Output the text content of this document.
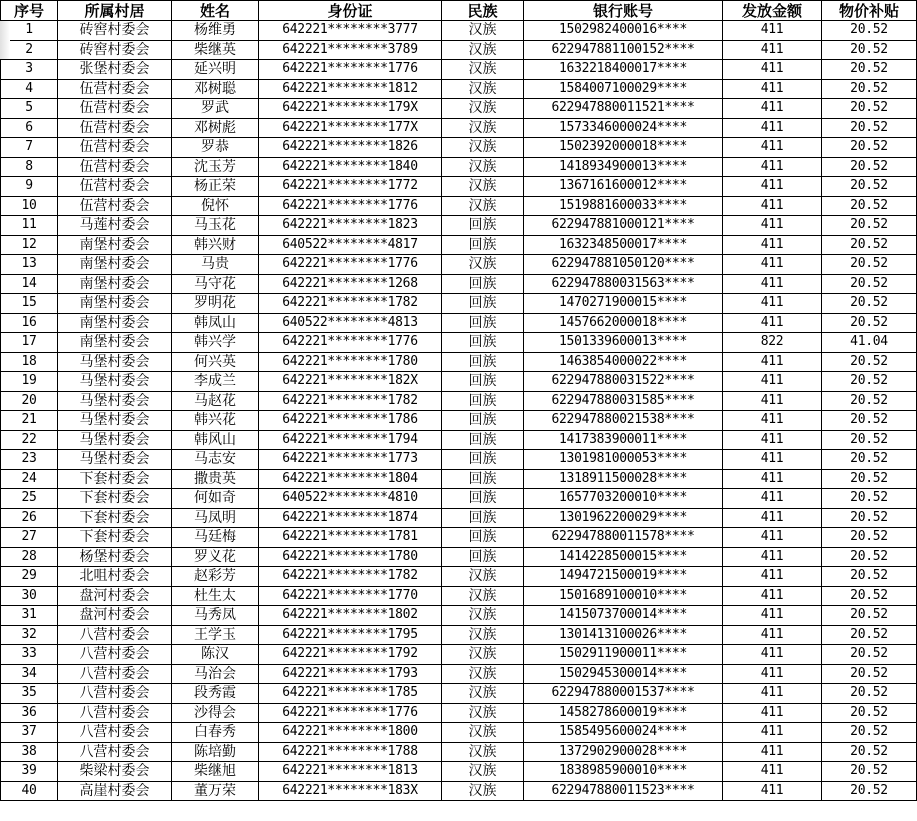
序号	所属村居	姓名	身份证	民族	银行账号	发放金额	物价补贴
1	砖窖村委会	杨维勇	642221********3777	汉族	1502982400016****	411	20.52
2	砖窖村委会	柴继英	642221********3789	汉族	622947881100152****	411	20.52
3	张堡村委会	延兴明	642221********1776	汉族	1632218400017****	411	20.52
4	伍营村委会	邓树聪	642221********1812	汉族	1584007100029****	411	20.52
5	伍营村委会	罗武	642221********179X	汉族	622947880011521****	411	20.52
6	伍营村委会	邓树彪	642221********177X	汉族	1573346000024****	411	20.52
7	伍营村委会	罗恭	642221********1826	汉族	1502392000018****	411	20.52
8	伍营村委会	沈玉芳	642221********1840	汉族	1418934900013****	411	20.52
9	伍营村委会	杨正荣	642221********1772	汉族	1367161600012****	411	20.52
10	伍营村委会	倪怀	642221********1776	汉族	1519881600033****	411	20.52
11	马莲村委会	马玉花	642221********1823	回族	622947881000121****	411	20.52
12	南堡村委会	韩兴财	640522********4817	回族	1632348500017****	411	20.52
13	南堡村委会	马贵	642221********1776	汉族	622947881050120****	411	20.52
14	南堡村委会	马守花	642221********1268	回族	622947880031563****	411	20.52
15	南堡村委会	罗明花	642221********1782	回族	1470271900015****	411	20.52
16	南堡村委会	韩凤山	640522********4813	回族	1457662000018****	411	20.52
17	南堡村委会	韩兴学	642221********1776	回族	1501339600013****	822	41.04
18	马堡村委会	何兴英	642221********1780	回族	1463854000022****	411	20.52
19	马堡村委会	李成兰	642221********182X	回族	622947880031522****	411	20.52
20	马堡村委会	马赵花	642221********1782	回族	622947880031585****	411	20.52
21	马堡村委会	韩兴花	642221********1786	回族	622947880021538****	411	20.52
22	马堡村委会	韩风山	642221********1794	回族	1417383900011****	411	20.52
23	马堡村委会	马志安	642221********1773	回族	1301981000053****	411	20.52
24	下套村委会	撒贵英	642221********1804	回族	1318911500028****	411	20.52
25	下套村委会	何如奇	640522********4810	回族	1657703200010****	411	20.52
26	下套村委会	马凤明	642221********1874	回族	1301962200029****	411	20.52
27	下套村委会	马廷梅	642221********1781	回族	622947880011578****	411	20.52
28	杨堡村委会	罗义花	642221********1780	回族	1414228500015****	411	20.52
29	北咀村委会	赵彩芳	642221********1782	汉族	1494721500019****	411	20.52
30	盘河村委会	杜生太	642221********1770	汉族	1501689100010****	411	20.52
31	盘河村委会	马秀凤	642221********1802	汉族	1415073700014****	411	20.52
32	八营村委会	王学玉	642221********1795	汉族	1301413100026****	411	20.52
33	八营村委会	陈汉	642221********1792	汉族	1502911900011****	411	20.52
34	八营村委会	马治会	642221********1793	汉族	1502945300014****	411	20.52
35	八营村委会	段秀霞	642221********1785	汉族	622947880001537****	411	20.52
36	八营村委会	沙得会	642221********1776	汉族	1458278600019****	411	20.52
37	八营村委会	白春秀	642221********1800	汉族	1585495600024****	411	20.52
38	八营村委会	陈培勤	642221********1788	汉族	1372902900028****	411	20.52
39	柴梁村委会	柴继旭	642221********1813	汉族	1838985900010****	411	20.52
40	高崖村委会	董万荣	642221********183X	汉族	622947880011523****	411	20.52
